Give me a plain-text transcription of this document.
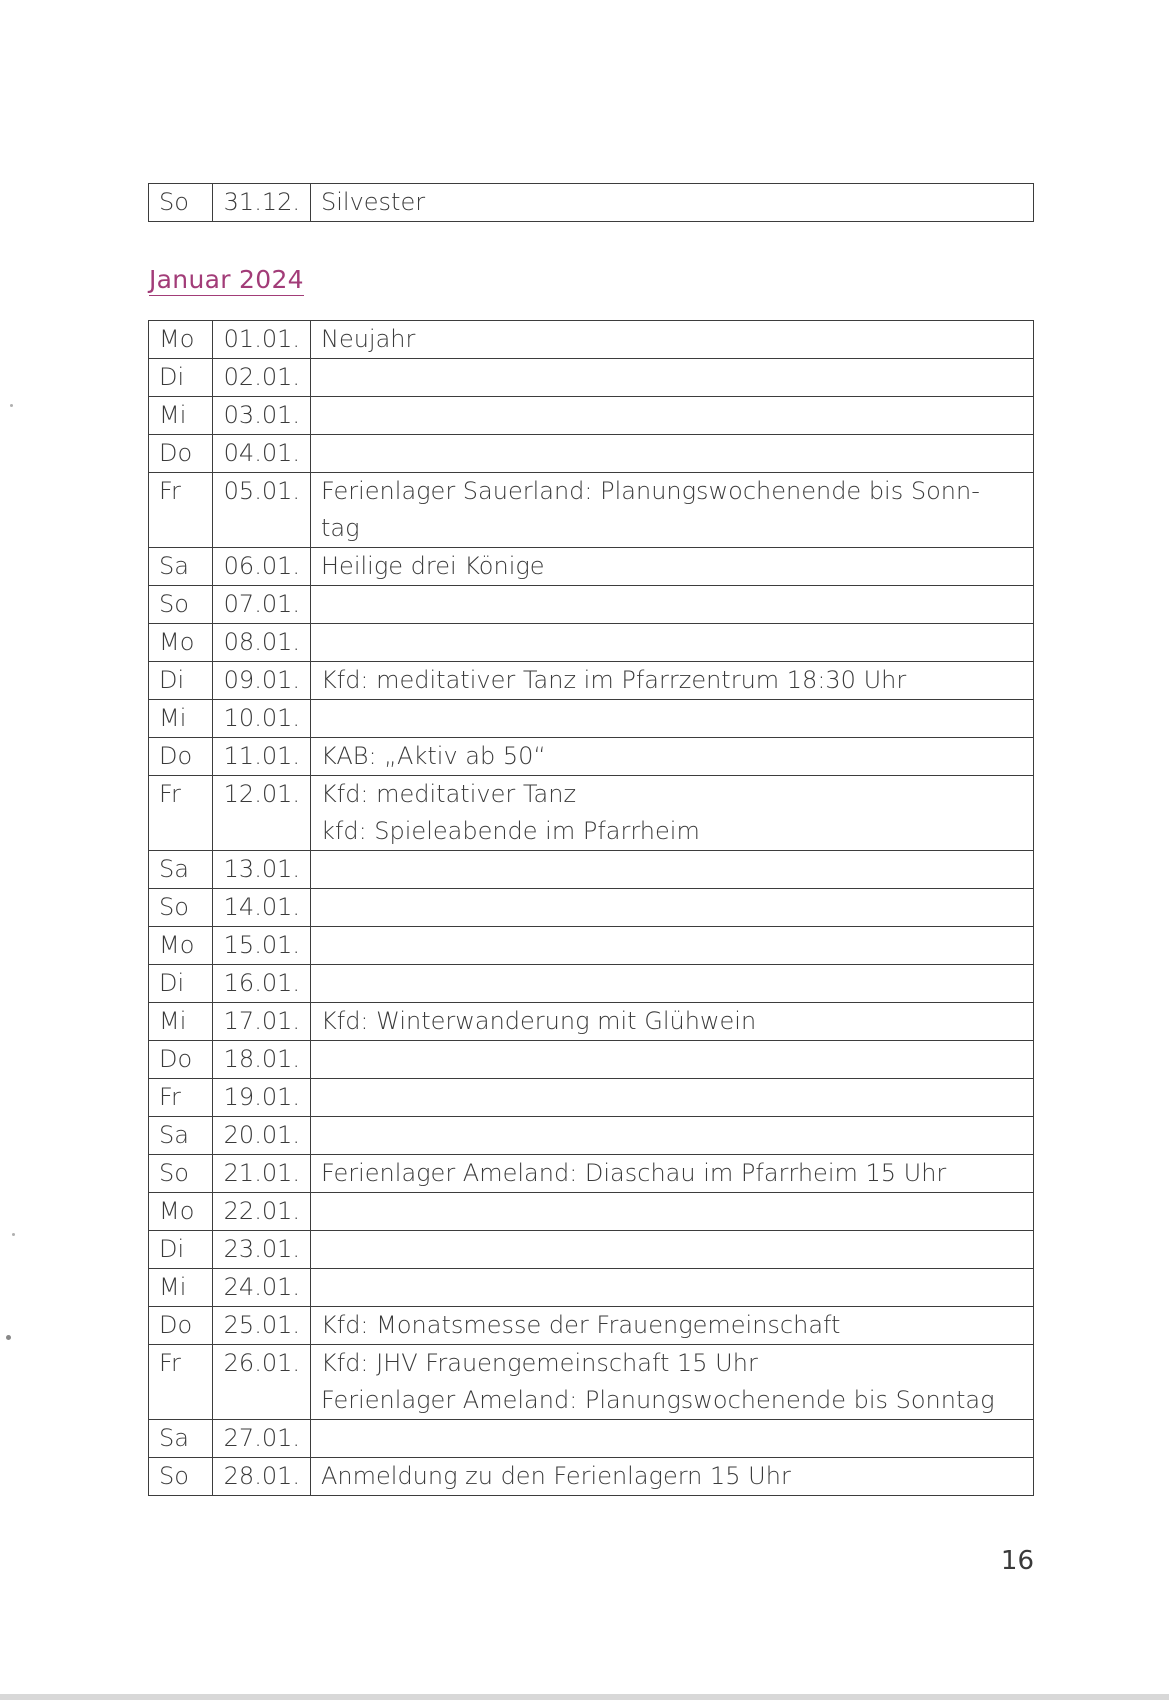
So	31.12.	Silvester
Januar 2024
Mo	01.01.	Neujahr

Di	02.01.	
Mi	03.01.	
Do	04.01.	
Fr	05.01.	Ferienlager Sauerland: Planungswochenende bis Sonn-
tag

Sa	06.01.	Heilige drei Könige

So	07.01.	
Mo	08.01.	
Di	09.01.	Kfd: meditativer Tanz im Pfarrzentrum 18:30 Uhr

Mi	10.01.	
Do	11.01.	KAB: „Aktiv ab 50“

Fr	12.01.	Kfd: meditativer Tanz
kfd: Spieleabende im Pfarrheim

Sa	13.01.	
So	14.01.	
Mo	15.01.	
Di	16.01.	
Mi	17.01.	Kfd: Winterwanderung mit Glühwein

Do	18.01.	
Fr	19.01.	
Sa	20.01.	
So	21.01.	Ferienlager Ameland: Diaschau im Pfarrheim 15 Uhr

Mo	22.01.	
Di	23.01.	
Mi	24.01.	
Do	25.01.	Kfd: Monatsmesse der Frauengemeinschaft

Fr	26.01.	Kfd: JHV Frauengemeinschaft 15 Uhr
Ferienlager Ameland: Planungswochenende bis Sonntag

Sa	27.01.	
So	28.01.	Anmeldung zu den Ferienlagern 15 Uhr
16
